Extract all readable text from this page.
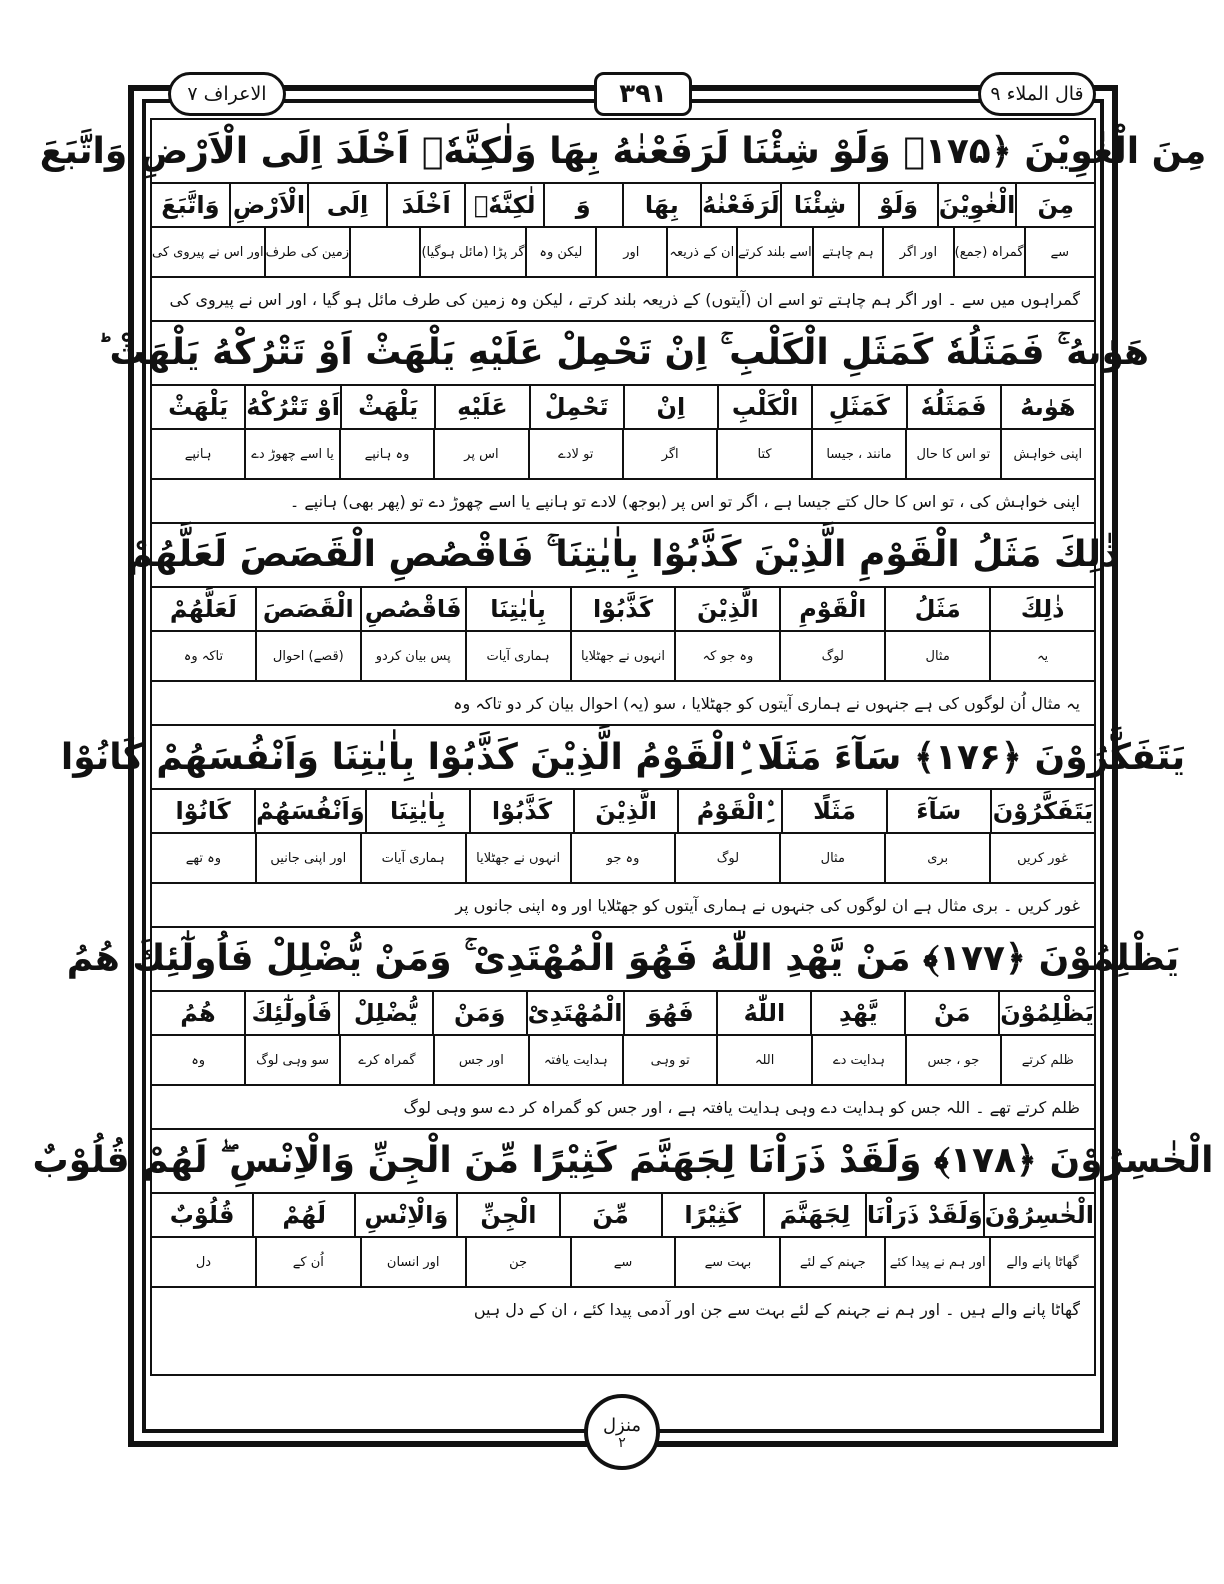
قال الملاء ۹
۳۹۱
الاعراف ۷
مِنَ الْغٰوِیْنَ ﴿۱۷۵﴾ وَلَوْ شِئْنَا لَرَفَعْنٰهُ بِهَا وَلٰكِنَّهٗۤ اَخْلَدَ اِلَى الْاَرْضِ وَاتَّبَعَ
مِنَ
الْغٰوِیْنَ
وَلَوْ
شِئْنَا
لَرَفَعْنٰهُ
بِهَا
وَ
لٰكِنَّهٗۤ
اَخْلَدَ
اِلَى
الْاَرْضِ
وَاتَّبَعَ
سے
گمراہ (جمع)
اور اگر
ہم چاہتے
اسے بلند کرتے
ان کے ذریعہ
اور
لیکن وہ
گر پڑا (مائل ہوگیا)
زمین کی طرف
اور اس نے پیروی کی
گمراہوں میں سے ۔ اور اگر ہم چاہتے تو اسے ان (آیتوں) کے ذریعہ بلند کرتے ، لیکن وہ زمین کی طرف مائل ہو گیا ، اور اس نے پیروی کی
هَوٰىهُ ۚ فَمَثَلُهٗ كَمَثَلِ الْكَلْبِ ۚ اِنْ تَحْمِلْ عَلَیْهِ یَلْهَثْ اَوْ تَتْرُكْهُ یَلْهَثْ ؕ
هَوٰىهُ
فَمَثَلُهٗ
كَمَثَلِ
الْكَلْبِ
اِنْ
تَحْمِلْ
عَلَیْهِ
یَلْهَثْ
اَوْ تَتْرُكْهُ
یَلْهَثْ
اپنی خواہش
تو اس کا حال
مانند ، جیسا
کتا
اگر
تو لادے
اس پر
وہ ہانپے
یا اسے چھوڑ دے
ہانپے
اپنی خواہش کی ، تو اس کا حال کتے جیسا ہے ، اگر تو اس پر (بوجھ) لادے تو ہانپے یا اسے چھوڑ دے تو (پھر بھی) ہانپے ۔
ذٰلِكَ مَثَلُ الْقَوْمِ الَّذِیْنَ كَذَّبُوْا بِاٰیٰتِنَا ۚ فَاقْصُصِ الْقَصَصَ لَعَلَّهُمْ
ذٰلِكَ
مَثَلُ
الْقَوْمِ
الَّذِیْنَ
كَذَّبُوْا
بِاٰیٰتِنَا
فَاقْصُصِ
الْقَصَصَ
لَعَلَّهُمْ
یہ
مثال
لوگ
وہ جو کہ
انہوں نے جھٹلایا
ہماری آیات
پس بیان کردو
(قصے) احوال
تاکہ وہ
یہ مثال اُن لوگوں کی ہے جنہوں نے ہماری آیتوں کو جھٹلایا ، سو (یہ) احوال بیان کر دو تاکہ وہ
یَتَفَكَّرُوْنَ ﴿۱۷۶﴾ سَآءَ مَثَلَا ِۨالْقَوْمُ الَّذِیْنَ كَذَّبُوْا بِاٰیٰتِنَا وَاَنْفُسَهُمْ كَانُوْا
یَتَفَكَّرُوْنَ
سَآءَ
مَثَلًا
ِۨالْقَوْمُ
الَّذِیْنَ
كَذَّبُوْا
بِاٰیٰتِنَا
وَاَنْفُسَهُمْ
كَانُوْا
غور کریں
بری
مثال
لوگ
وہ جو
انہوں نے جھٹلایا
ہماری آیات
اور اپنی جانیں
وہ تھے
غور کریں ۔ بری مثال ہے ان لوگوں کی جنہوں نے ہماری آیتوں کو جھٹلایا اور وہ اپنی جانوں پر
یَظْلِمُوْنَ ﴿۱۷۷﴾ مَنْ یَّهْدِ اللّٰهُ فَهُوَ الْمُهْتَدِیْ ۚ وَمَنْ یُّضْلِلْ فَاُولٰٓئِكَ هُمُ
یَظْلِمُوْنَ
مَنْ
یَّهْدِ
اللّٰهُ
فَهُوَ
الْمُهْتَدِیْ
وَمَنْ
یُّضْلِلْ
فَاُولٰٓئِكَ
هُمُ
ظلم کرتے
جو ، جس
ہدایت دے
اللہ
تو وہی
ہدایت یافتہ
اور جس
گمراہ کرے
سو وہی لوگ
وہ
ظلم کرتے تھے ۔ اللہ جس کو ہدایت دے وہی ہدایت یافتہ ہے ، اور جس کو گمراہ کر دے سو وہی لوگ
الْخٰسِرُوْنَ ﴿۱۷۸﴾ وَلَقَدْ ذَرَاْنَا لِجَهَنَّمَ كَثِیْرًا مِّنَ الْجِنِّ وَالْاِنْسِ ۖ لَهُمْ قُلُوْبٌ
الْخٰسِرُوْنَ
وَلَقَدْ ذَرَاْنَا
لِجَهَنَّمَ
كَثِیْرًا
مِّنَ
الْجِنِّ
وَالْاِنْسِ
لَهُمْ
قُلُوْبٌ
گھاٹا پانے والے
اور ہم نے پیدا کئے
جہنم کے لئے
بہت سے
سے
جن
اور انسان
اُن کے
دل
گھاٹا پانے والے ہیں ۔ اور ہم نے جہنم کے لئے بہت سے جن اور آدمی پیدا کئے ، ان کے دل ہیں
منزل
۲
